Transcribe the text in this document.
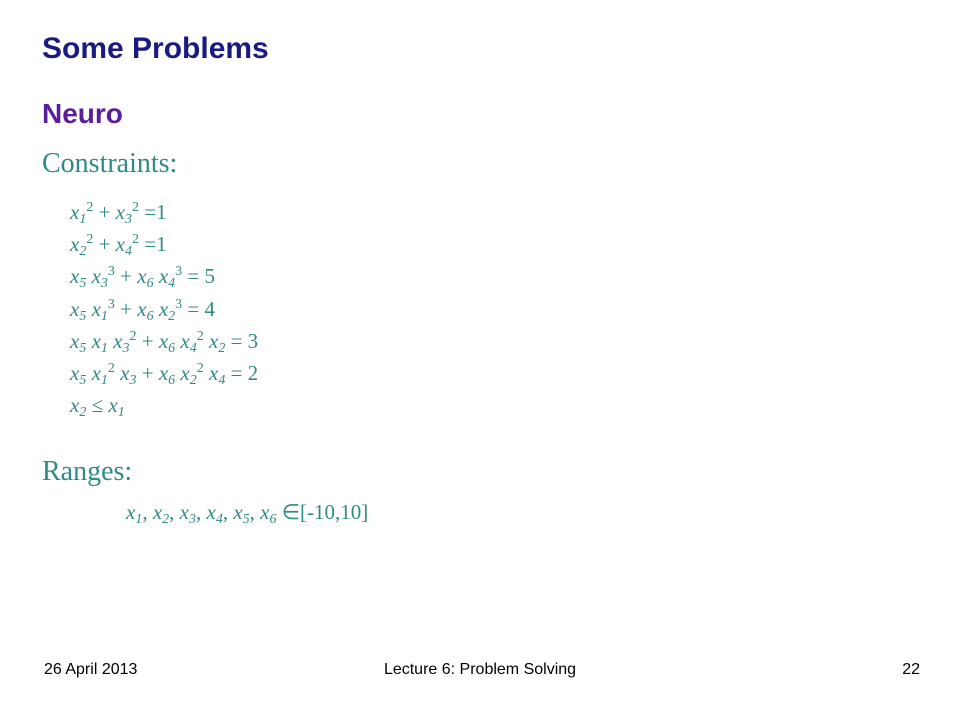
Some Problems
Neuro
Constraints:
$x_1^2 + x_3^2 =1$
$x_2^2 + x_4^2 =1$
$x_5$ $x_3^3 + x_6$ $x_4^3 = 5$
$x_5$ $x_1^3 + x_6$ $x_2^3 = 4$
$x_5$ $x_1$ $x_3^2 + x_6$ $x_4^2$ $x_2 = 3$
$x_5$ $x_1^2$ $x_3 + x_6$ $x_2^2$ $x_4 = 2$
$x_2 \le x_1$
Ranges:
$x_1$, $x_2$, $x_3$, $x_4$, $x_5$, $x_6$ ∈[-10,10]
26 April 2013	Lecture 6: Problem Solving	22
